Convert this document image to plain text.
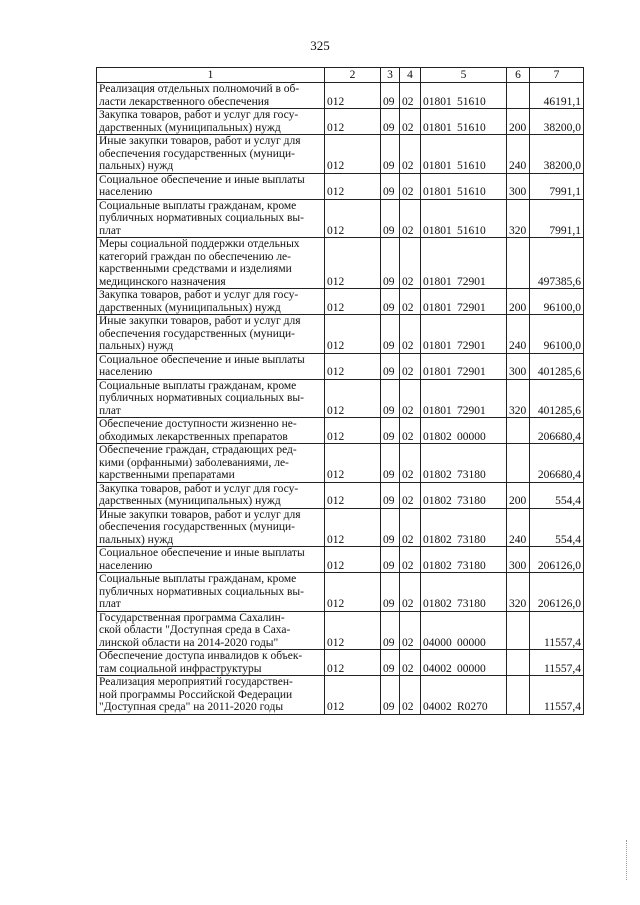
325
1	2	3	4	5	6	7
Реализация отдельных полномочий в об-
ласти лекарственного обеспечения	012	09	02	01801 51610		46191,1
Закупка товаров, работ и услуг для госу-
дарственных (муниципальных) нужд	012	09	02	01801 51610	200	38200,0
Иные закупки товаров, работ и услуг для
обеспечения государственных (муници-
пальных) нужд	012	09	02	01801 51610	240	38200,0
Социальное обеспечение и иные выплаты
населению	012	09	02	01801 51610	300	7991,1
Социальные выплаты гражданам, кроме
публичных нормативных социальных вы-
плат	012	09	02	01801 51610	320	7991,1
Меры социальной поддержки отдельных
категорий граждан по обеспечению ле-
карственными средствами и изделиями
медицинского назначения	012	09	02	01801 72901		497385,6
Закупка товаров, работ и услуг для госу-
дарственных (муниципальных) нужд	012	09	02	01801 72901	200	96100,0
Иные закупки товаров, работ и услуг для
обеспечения государственных (муници-
пальных) нужд	012	09	02	01801 72901	240	96100,0
Социальное обеспечение и иные выплаты
населению	012	09	02	01801 72901	300	401285,6
Социальные выплаты гражданам, кроме
публичных нормативных социальных вы-
плат	012	09	02	01801 72901	320	401285,6
Обеспечение доступности жизненно не-
обходимых лекарственных препаратов	012	09	02	01802 00000		206680,4
Обеспечение граждан, страдающих ред-
кими (орфанными) заболеваниями, ле-
карственными препаратами	012	09	02	01802 73180		206680,4
Закупка товаров, работ и услуг для госу-
дарственных (муниципальных) нужд	012	09	02	01802 73180	200	554,4
Иные закупки товаров, работ и услуг для
обеспечения государственных (муници-
пальных) нужд	012	09	02	01802 73180	240	554,4
Социальное обеспечение и иные выплаты
населению	012	09	02	01802 73180	300	206126,0
Социальные выплаты гражданам, кроме
публичных нормативных социальных вы-
плат	012	09	02	01802 73180	320	206126,0
Государственная программа Сахалин-
ской области "Доступная среда в Саха-
линской области на 2014-2020 годы"	012	09	02	04000 00000		11557,4
Обеспечение доступа инвалидов к объек-
там социальной инфраструктуры	012	09	02	04002 00000		11557,4
Реализация мероприятий государствен-
ной программы Российской Федерации
"Доступная среда" на 2011-2020 годы	012	09	02	04002 R0270		11557,4
